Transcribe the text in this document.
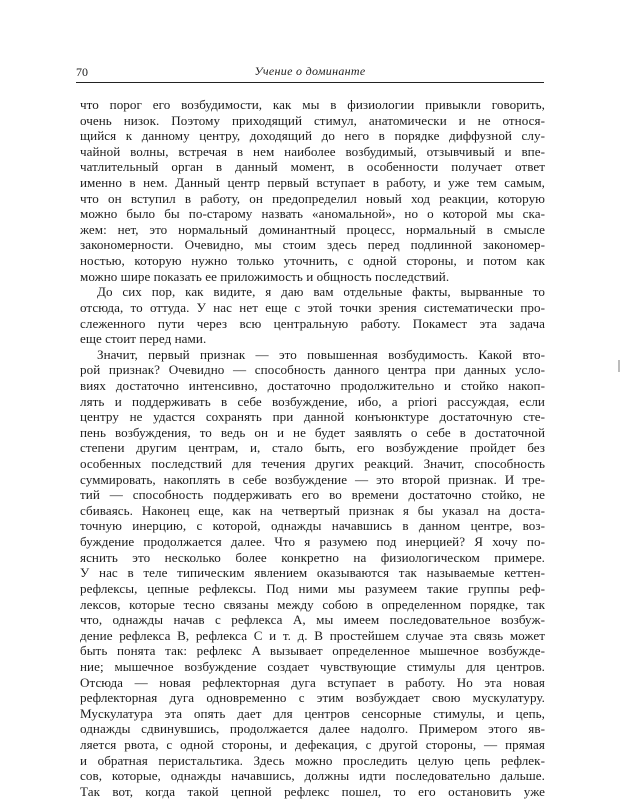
70	Учение о доминанте
что порог его возбудимости, как мы в физиологии привыкли говорить,
очень низок. Поэтому приходящий стимул, анатомически и не относя-
щийся к данному центру, доходящий до него в порядке диффузной слу-
чайной волны, встречая в нем наиболее возбудимый, отзывчивый и впе-
чатлительный орган в данный момент, в особенности получает ответ
именно в нем. Данный центр первый вступает в работу, и уже тем самым,
что он вступил в работу, он предопределил новый ход реакции, которую
можно было бы по-старому назвать «аномальной», но о которой мы ска-
жем: нет, это нормальный доминантный процесс, нормальный в смысле
закономерности. Очевидно, мы стоим здесь перед подлинной закономер-
ностью, которую нужно только уточнить, с одной стороны, и потом как
можно шире показать ее приложимость и общность последствий.
До сих пор, как видите, я даю вам отдельные факты, вырванные то
отсюда, то оттуда. У нас нет еще с этой точки зрения систематически про-
слеженного пути через всю центральную работу. Покамест эта задача
еще стоит перед нами.
Значит, первый признак — это повышенная возбудимость. Какой вто-
рой признак? Очевидно — способность данного центра при данных усло-
виях достаточно интенсивно, достаточно продолжительно и стойко накоп-
лять и поддерживать в себе возбуждение, ибо, a priori рассуждая, если
центру не удастся сохранять при данной конъюнктуре достаточную сте-
пень возбуждения, то ведь он и не будет заявлять о себе в достаточной
степени другим центрам, и, стало быть, его возбуждение пройдет без
особенных последствий для течения других реакций. Значит, способность
суммировать, накоплять в себе возбуждение — это второй признак. И тре-
тий — способность поддерживать его во времени достаточно стойко, не
сбиваясь. Наконец еще, как на четвертый признак я бы указал на доста-
точную инерцию, с которой, однажды начавшись в данном центре, воз-
буждение продолжается далее. Что я разумею под инерцией? Я хочу по-
яснить это несколько более конкретно на физиологическом примере.
У нас в теле типическим явлением оказываются так называемые кеттен-
рефлексы, цепные рефлексы. Под ними мы разумеем такие группы реф-
лексов, которые тесно связаны между собою в определенном порядке, так
что, однажды начав с рефлекса A, мы имеем последовательное возбуж-
дение рефлекса B, рефлекса C и т. д. В простейшем случае эта связь может
быть понята так: рефлекс A вызывает определенное мышечное возбужде-
ние; мышечное возбуждение создает чувствующие стимулы для центров.
Отсюда — новая рефлекторная дуга вступает в работу. Но эта новая
рефлекторная дуга одновременно с этим возбуждает свою мускулатуру.
Мускулатура эта опять дает для центров сенсорные стимулы, и цепь,
однажды сдвинувшись, продолжается далее надолго. Примером этого яв-
ляется рвота, с одной стороны, и дефекация, с другой стороны, — прямая
и обратная перистальтика. Здесь можно проследить целую цепь рефлек-
сов, которые, однажды начавшись, должны идти последовательно дальше.
Так вот, когда такой цепной рефлекс пошел, то его остановить уже
